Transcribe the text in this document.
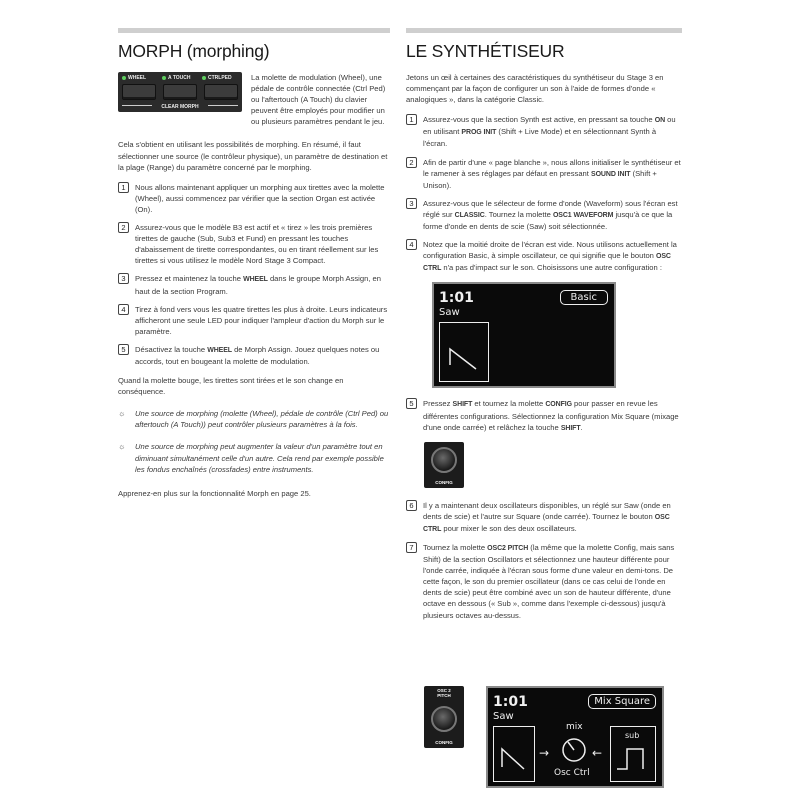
MORPH (morphing)
WHEEL	A TOUCH	CTRLPED
CLEAR MORPH

La molette de modulation (Wheel), une pédale de contrôle connectée (Ctrl Ped) ou l'aftertouch (A Touch) du clavier peuvent être employés pour modifier un ou plusieurs paramètres pendant le jeu.

Cela s'obtient en utilisant les possibilités de morphing. En résumé, il faut sélectionner une source (le contrôleur physique), un paramètre de destination et la plage (Range) du paramètre concerné par le morphing.

1	Nous allons maintenant appliquer un morphing aux tirettes avec la molette (Wheel), aussi commencez par vérifier que la section Organ est activée (On).
2	Assurez-vous que le modèle B3 est actif et « tirez » les trois premières tirettes de gauche (Sub, Sub3 et Fund) en pressant les touches d'abaissement de tirette correspondantes, ou en tirant réellement sur les tirettes si vous utilisez le modèle Nord Stage 3 Compact.
3	Pressez et maintenez la touche WHEEL dans le groupe Morph Assign, en haut de la section Program.
4	Tirez à fond vers vous les quatre tirettes les plus à droite. Leurs indicateurs afficheront une seule LED pour indiquer l'ampleur d'action du Morph sur le paramètre.
5	Désactivez la touche WHEEL de Morph Assign. Jouez quelques notes ou accords, tout en bougeant la molette de modulation.

Quand la molette bouge, les tirettes sont tirées et le son change en conséquence.

☼	Une source de morphing (molette (Wheel), pédale de contrôle (Ctrl Ped) ou aftertouch (A Touch)) peut contrôler plusieurs paramètres à la fois.
☼	Une source de morphing peut augmenter la valeur d'un paramètre tout en diminuant simultanément celle d'un autre. Cela rend par exemple possible les fondus enchaînés (crossfades) entre instruments.

Apprenez-en plus sur la fonctionnalité Morph en page 25.

LE SYNTHÉTISEUR

Jetons un œil à certaines des caractéristiques du synthétiseur du Stage 3 en commençant par la façon de configurer un son à l'aide de formes d'onde « analogiques », dans la catégorie Classic.

1	Assurez-vous que la section Synth est active, en pressant sa touche ON ou en utilisant PROG INIT (Shift + Live Mode) et en sélectionnant Synth à l'écran.
2	Afin de partir d'une « page blanche », nous allons initialiser le synthétiseur et le ramener à ses réglages par défaut en pressant SOUND INIT (Shift + Unison).
3	Assurez-vous que le sélecteur de forme d'onde (Waveform) sous l'écran est réglé sur CLASSIC. Tournez la molette OSC1 WAVEFORM jusqu'à ce que la forme d'onde en dents de scie (Saw) soit sélectionnée.
4	Notez que la moitié droite de l'écran est vide. Nous utilisons actuellement la configuration Basic, à simple oscillateur, ce qui signifie que le bouton OSC CTRL n'a pas d'impact sur le son. Choisissons une autre configuration :
1:01
Saw
Basic
5	Pressez SHIFT et tournez la molette CONFIG pour passer en revue les différentes configurations. Sélectionnez la configuration Mix Square (mixage d'une onde carrée) et relâchez la touche SHIFT.
CONFIG
6	Il y a maintenant deux oscillateurs disponibles, un réglé sur Saw (onde en dents de scie) et l'autre sur Square (onde carrée). Tournez le bouton OSC CTRL pour mixer le son des deux oscillateurs.
7	Tournez la molette OSC2 PITCH (la même que la molette Config, mais sans Shift) de la section Oscillators et sélectionnez une hauteur différente pour l'onde carrée, indiquée à l'écran sous forme d'une valeur en demi-tons. De cette façon, le son du premier oscillateur (dans ce cas celui de l'onde en dents de scie) peut être combiné avec un son de hauteur différente, d'une octave en dessous (« Sub », comme dans l'exemple ci-dessous) jusqu'à plusieurs octaves au-dessus.
OSC 2
PITCH
CONFIG
1:01
Saw
Mix Square
→
mix
Osc Ctrl
←
sub
